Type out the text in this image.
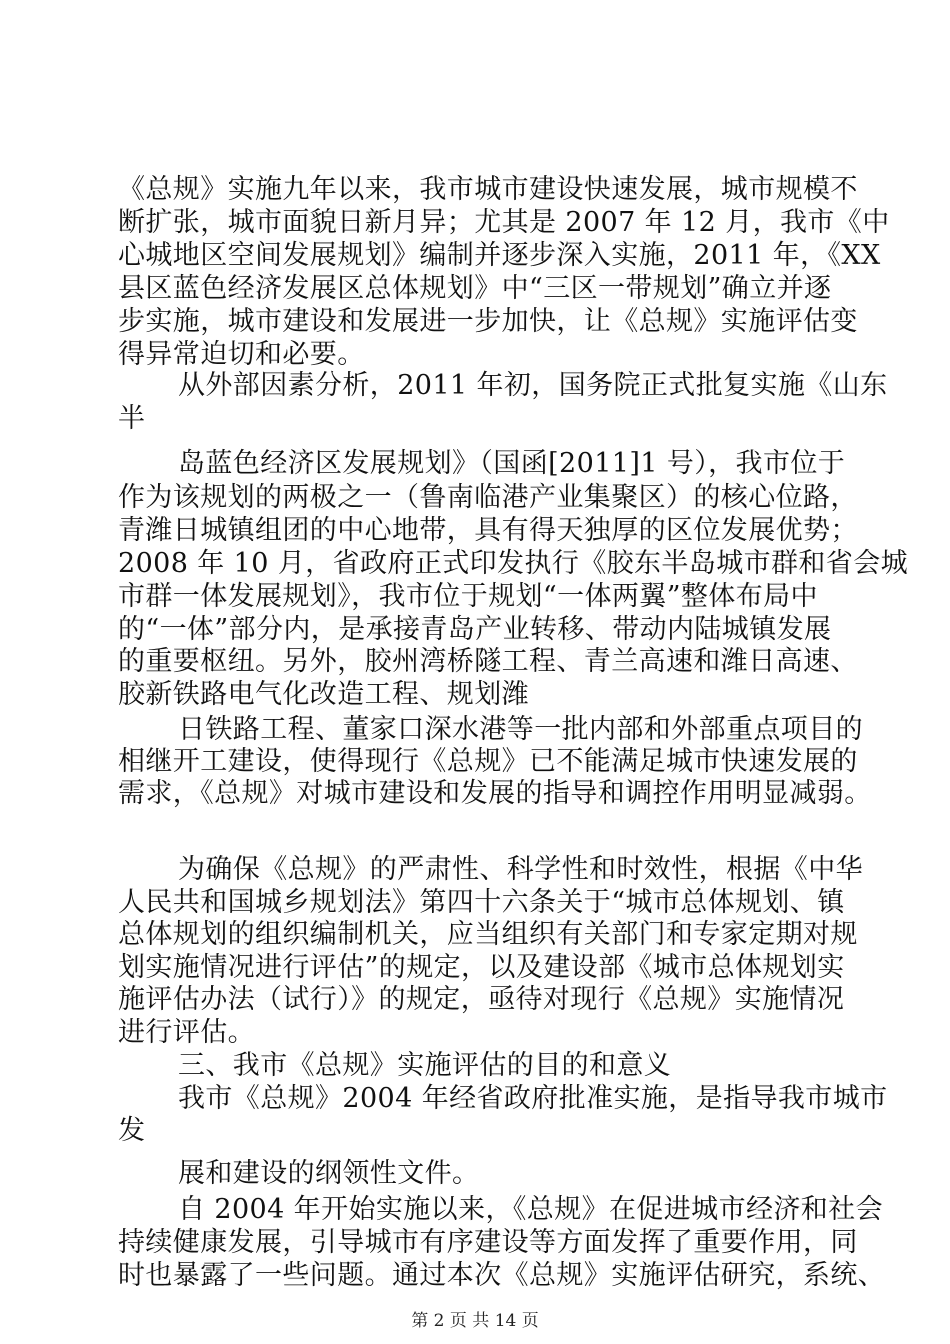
《总规》实施九年以来，我市城市建设快速发展，城市规模不
断扩张，城市面貌日新月异；尤其是 2007 年 12 月，我市《中
心城地区空间发展规划》编制并逐步深入实施，2011 年，《XX
县区蓝色经济发展区总体规划》中“三区一带规划”确立并逐
步实施，城市建设和发展进一步加快，让《总规》实施评估变
得异常迫切和必要。
从外部因素分析，2011 年初，国务院正式批复实施《山东
半
岛蓝色经济区发展规划》（国函[2011]1 号），我市位于
作为该规划的两极之一（鲁南临港产业集聚区）的核心位路，
青潍日城镇组团的中心地带，具有得天独厚的区位发展优势；
2008 年 10 月，省政府正式印发执行《胶东半岛城市群和省会城
市群一体发展规划》，我市位于规划“一体两翼”整体布局中
的“一体”部分内，是承接青岛产业转移、带动内陆城镇发展
的重要枢纽。另外，胶州湾桥隧工程、青兰高速和潍日高速、
胶新铁路电气化改造工程、规划潍
日铁路工程、董家口深水港等一批内部和外部重点项目的
相继开工建设，使得现行《总规》已不能满足城市快速发展的
需求，《总规》对城市建设和发展的指导和调控作用明显减弱。
为确保《总规》的严肃性、科学性和时效性，根据《中华
人民共和国城乡规划法》第四十六条关于“城市总体规划、镇
总体规划的组织编制机关，应当组织有关部门和专家定期对规
划实施情况进行评估”的规定，以及建设部《城市总体规划实
施评估办法（试行）》的规定，亟待对现行《总规》实施情况
进行评估。
三、我市《总规》实施评估的目的和意义
我市《总规》2004 年经省政府批准实施，是指导我市城市
发
展和建设的纲领性文件。
自 2004 年开始实施以来，《总规》在促进城市经济和社会
持续健康发展，引导城市有序建设等方面发挥了重要作用，同
时也暴露了一些问题。通过本次《总规》实施评估研究，系统、
第 2 页 共 14 页
